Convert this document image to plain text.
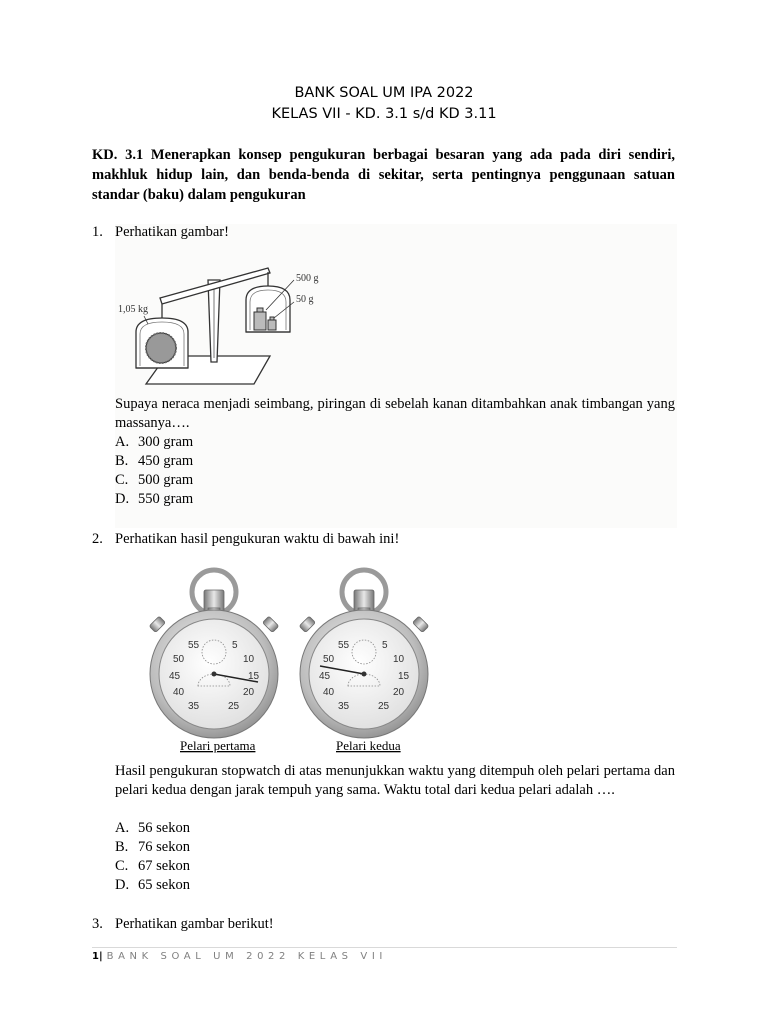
BANK SOAL UM IPA 2022
KELAS VII - KD. 3.1 s/d KD 3.11
KD. 3.1 Menerapkan konsep pengukuran berbagai besaran yang ada pada diri sendiri, makhluk hidup lain, dan benda-benda di sekitar, serta pentingnya penggunaan satuan standar (baku) dalam pengukuran
1. Perhatikan gambar!
1,05 kg
500 g
50 g
Supaya neraca menjadi seimbang, piringan di sebelah kanan ditambahkan anak timbangan yang massanya….
A. 300 gram
B. 450 gram
C. 500 gram
D. 550 gram
2. Perhatikan hasil pengukuran waktu di bawah ini!
55	5
50	10
45	15
40	20
35	25
55	5
50	10
45	15
40	20
35	25
Pelari pertama	Pelari kedua
Hasil pengukuran stopwatch di atas menunjukkan waktu yang ditempuh oleh pelari pertama dan pelari kedua dengan jarak tempuh yang sama. Waktu total dari kedua pelari adalah ….
A. 56 sekon
B. 76 sekon
C. 67 sekon
D. 65 sekon
3. Perhatikan gambar berikut!
1| BANK SOAL UM 2022 KELAS VII
